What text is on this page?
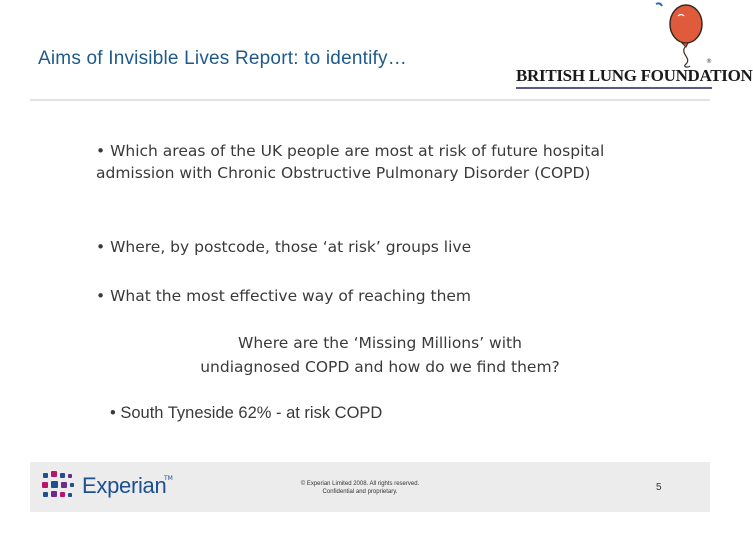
Aims of Invisible Lives Report: to identify…
BRITISH LUNG FOUNDATION
®
• Which areas of the UK people are most at risk of future hospital admission with Chronic Obstructive Pulmonary Disorder (COPD)
• Where, by postcode, those ‘at risk’ groups live
• What the most effective way of reaching them
Where are the ‘Missing Millions’ with
undiagnosed COPD and how do we find them?
• South Tyneside 62% - at risk COPD
Experian
TM
© Experian Limited 2008. All rights reserved.
Confidential and proprietary.	5
